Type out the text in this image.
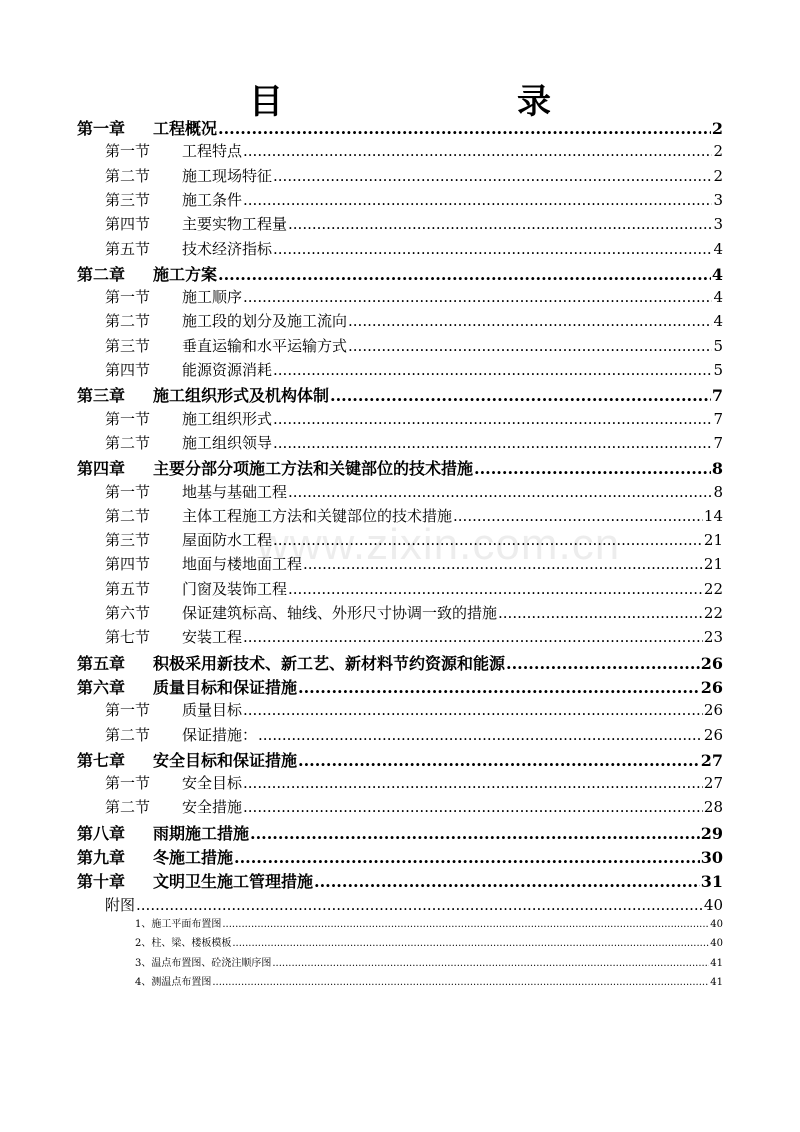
目　录
第一章 工程概况 .....	2
第一节 工程特点 .....	2
第二节 施工现场特征 .....	2
第三节 施工条件 .....	3
第四节 主要实物工程量 .....	3
第五节 技术经济指标 .....	4
第二章 施工方案 .....	4
第一节 施工顺序 .....	4
第二节 施工段的划分及施工流向 .....	4
第三节 垂直运输和水平运输方式 .....	5
第四节 能源资源消耗 .....	5
第三章 施工组织形式及机构体制 .....	7
第一节 施工组织形式 .....	7
第二节 施工组织领导 .....	7
第四章 主要分部分项施工方法和关键部位的技术措施 .....	8
第一节 地基与基础工程 .....	8
第二节 主体工程施工方法和关键部位的技术措施 .....	14
第三节 屋面防水工程 .....	21
第四节 地面与楼地面工程 .....	21
第五节 门窗及装饰工程 .....	22
第六节 保证建筑标高、轴线、外形尺寸协调一致的措施 .....	22
第七节 安装工程 .....	23
第五章 积极采用新技术、新工艺、新材料节约资源和能源 .....	26
第六章 质量目标和保证措施 .....	26
第一节 质量目标 .....	26
第二节 保证措施： .....	26
第七章 安全目标和保证措施 .....	27
第一节 安全目标 .....	27
第二节 安全措施 .....	28
第八章 雨期施工措施 .....	29
第九章 冬施工措施 .....	30
第十章 文明卫生施工管理措施 .....	31
附图 .....	40
1、施工平面布置图 .....	40
2、柱、梁、楼板模板 .....	40
3、温点布置图、砼浇注顺序图 .....	41
4、测温点布置图 .....	41
www.zixin.com.cn
